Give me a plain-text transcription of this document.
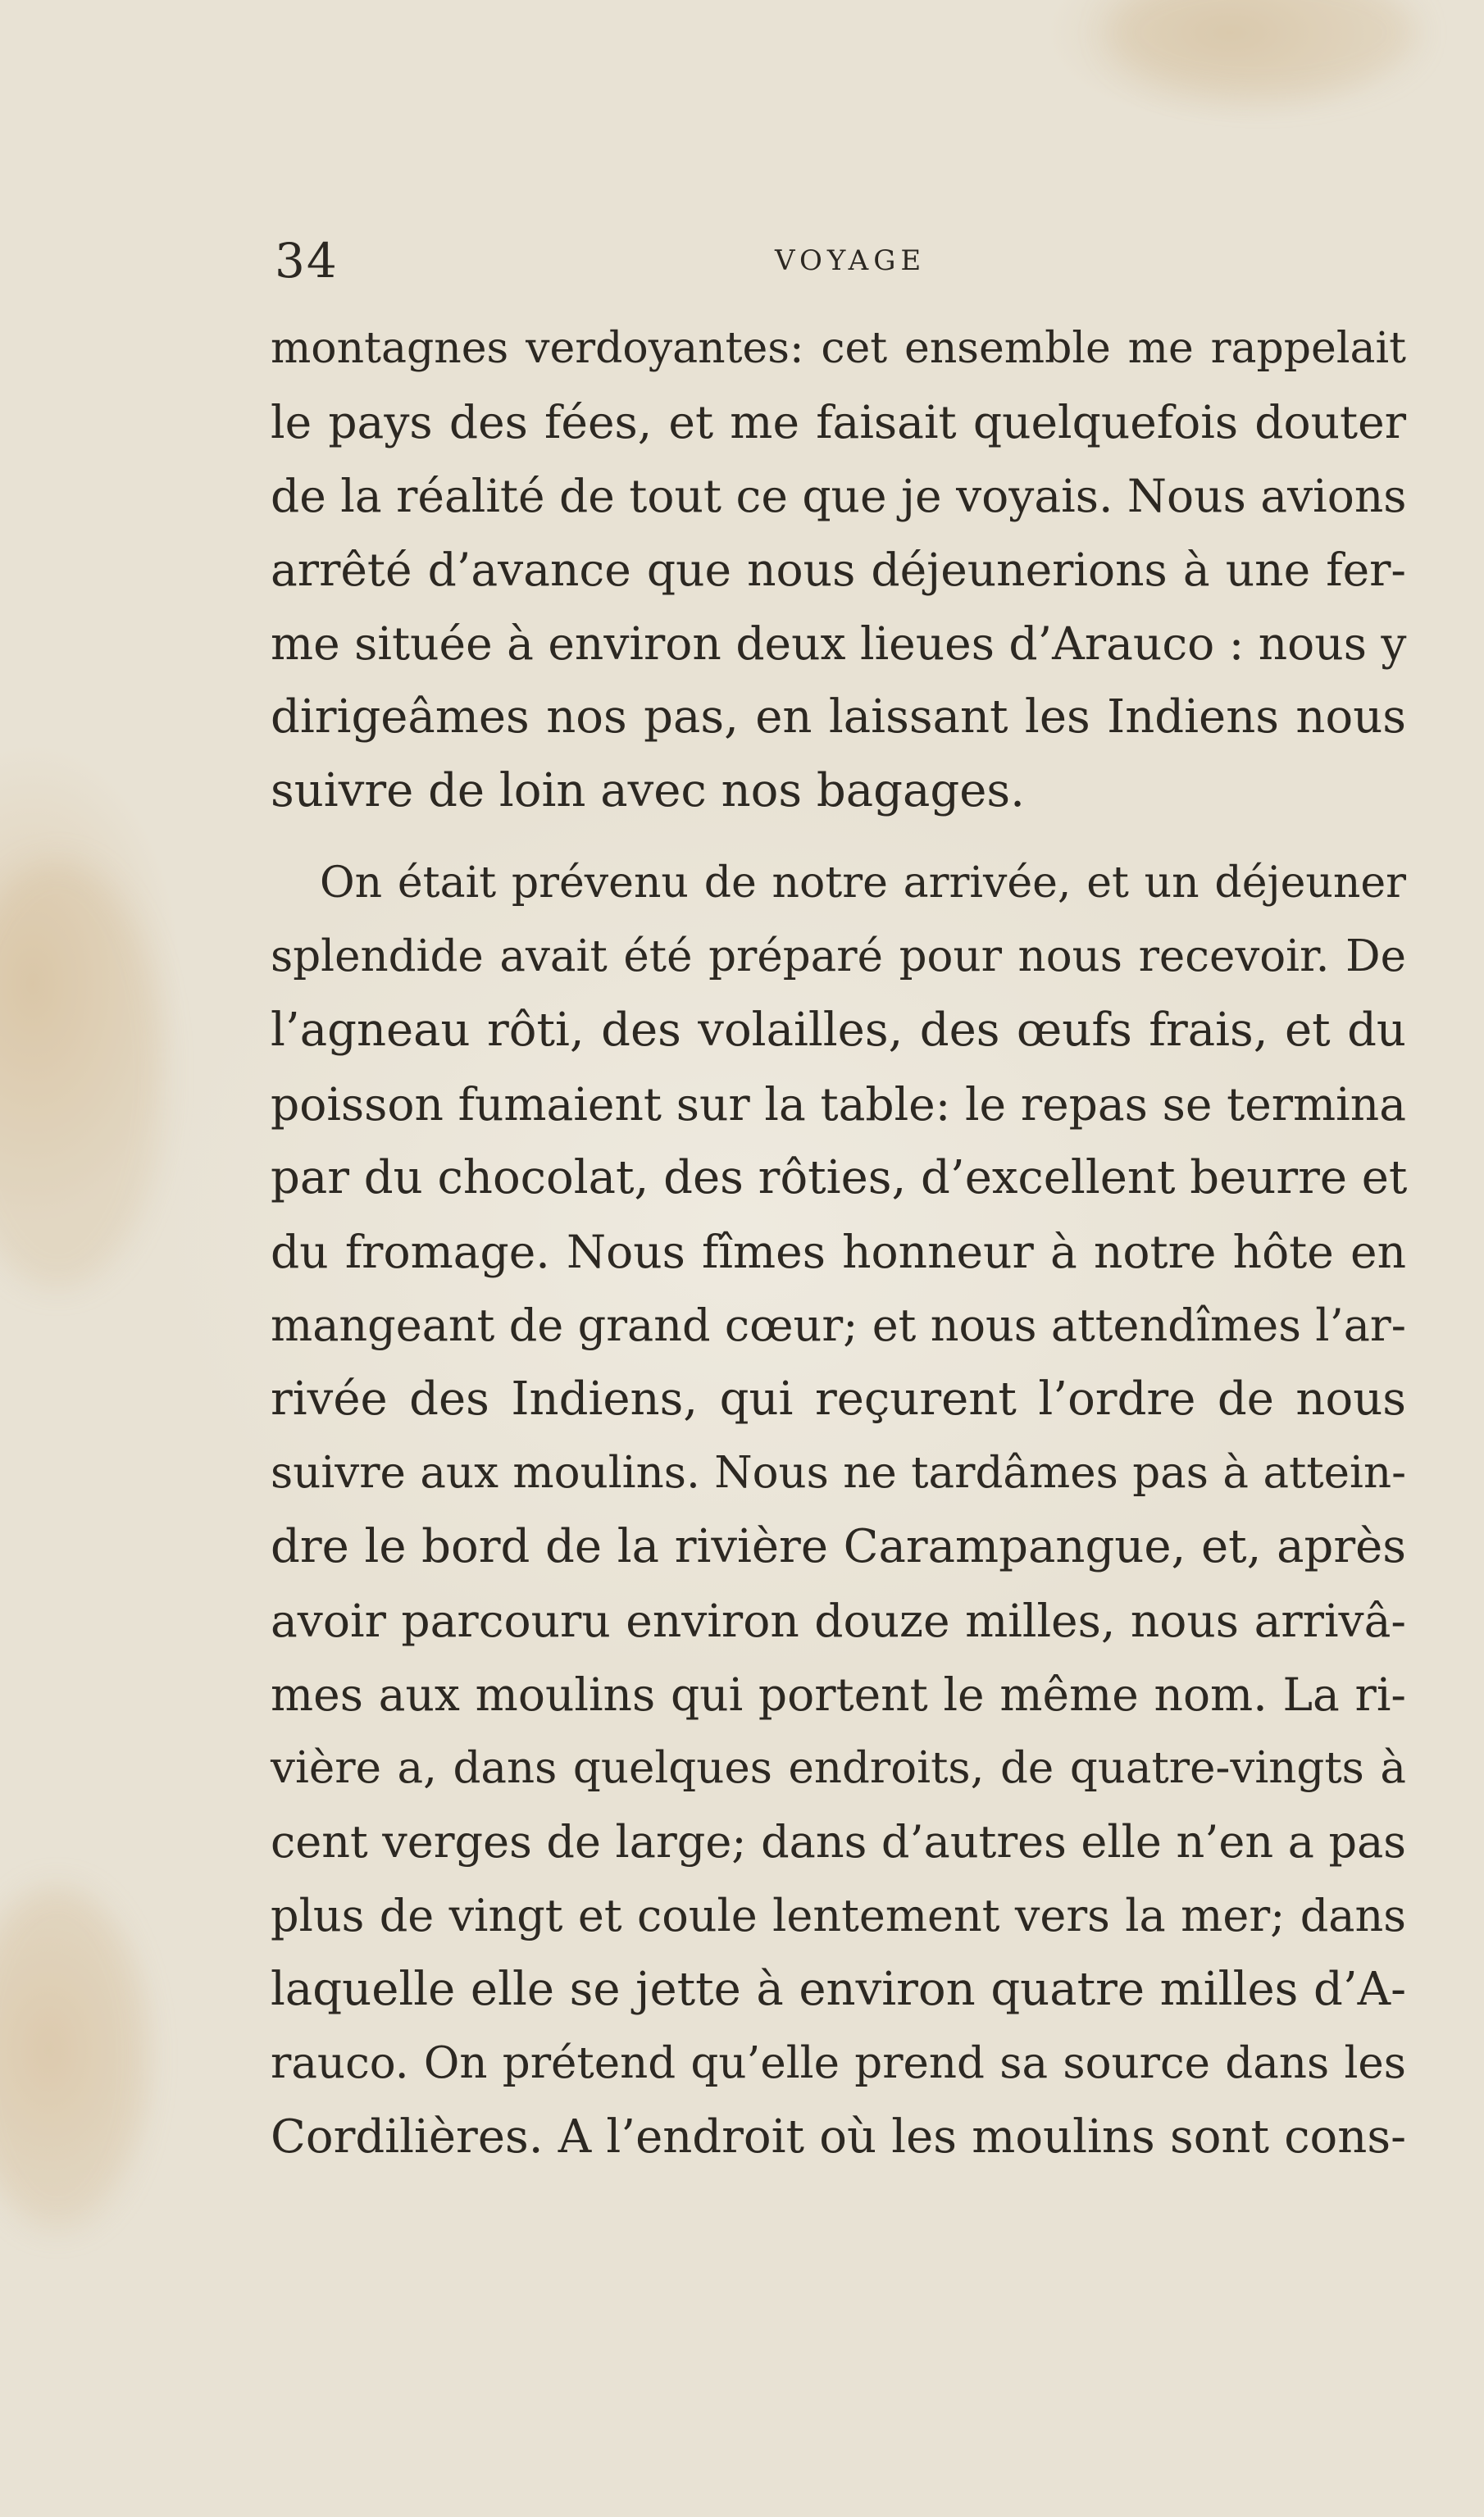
34	VOYAGE
montagnes verdoyantes: cet ensemble me rappelait
le pays des fées, et me faisait quelquefois douter
de la réalité de tout ce que je voyais. Nous avions
arrêté d’avance que nous déjeunerions à une fer-
me située à environ deux lieues d’Arauco : nous y
dirigeâmes nos pas, en laissant les Indiens nous
suivre de loin avec nos bagages.
On était prévenu de notre arrivée, et un déjeuner
splendide avait été préparé pour nous recevoir. De
l’agneau rôti, des volailles, des œufs frais, et du
poisson fumaient sur la table: le repas se termina
par du chocolat, des rôties, d’excellent beurre et
du fromage. Nous fîmes honneur à notre hôte en
mangeant de grand cœur; et nous attendîmes l’ar-
rivée des Indiens, qui reçurent l’ordre de nous
suivre aux moulins. Nous ne tardâmes pas à attein-
dre le bord de la rivière Carampangue, et, après
avoir parcouru environ douze milles, nous arrivâ-
mes aux moulins qui portent le même nom. La ri-
vière a, dans quelques endroits, de quatre-vingts à
cent verges de large; dans d’autres elle n’en a pas
plus de vingt et coule lentement vers la mer; dans
laquelle elle se jette à environ quatre milles d’A-
rauco. On prétend qu’elle prend sa source dans les
Cordilières. A l’endroit où les moulins sont cons-
